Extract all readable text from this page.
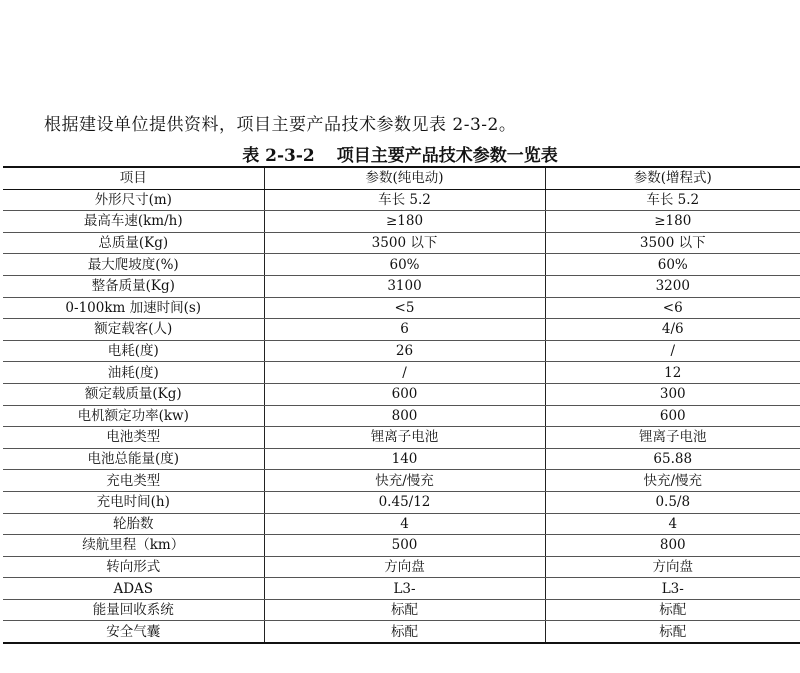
根据建设单位提供资料，项目主要产品技术参数见表 2-3-2。

表 2-3-2 项目主要产品技术参数一览表
项目	参数(纯电动)	参数(增程式)
外形尺寸(m)	车长 5.2	车长 5.2
最高车速(km/h)	≥180	≥180
总质量(Kg)	3500 以下	3500 以下
最大爬坡度(%)	60%	60%
整备质量(Kg)	3100	3200
0-100km 加速时间(s)	<5	<6
额定载客(人)	6	4/6
电耗(度)	26	/
油耗(度)	/	12
额定载质量(Kg)	600	300
电机额定功率(kw)	800	600
电池类型	锂离子电池	锂离子电池
电池总能量(度)	140	65.88
充电类型	快充/慢充	快充/慢充
充电时间(h)	0.45/12	0.5/8
轮胎数	4	4
续航里程（km）	500	800
转向形式	方向盘	方向盘
ADAS	L3-	L3-
能量回收系统	标配	标配
安全气囊	标配	标配
